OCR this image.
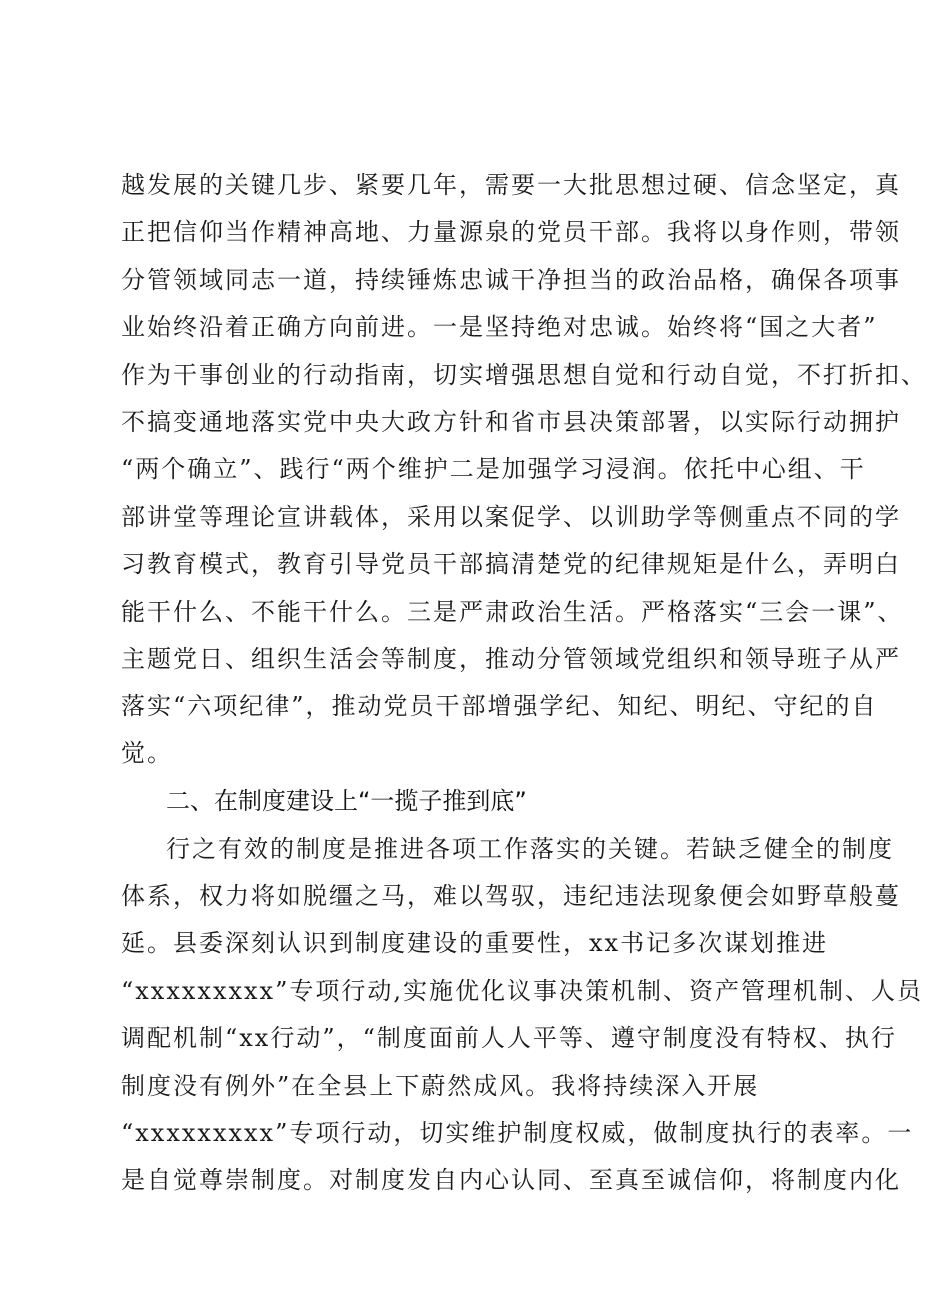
越发展的关键几步、紧要几年，需要一大批思想过硬、信念坚定，真
正把信仰当作精神高地、力量源泉的党员干部。我将以身作则，带领
分管领域同志一道，持续锤炼忠诚干净担当的政治品格，确保各项事
业始终沿着正确方向前进。一是坚持绝对忠诚。始终将“国之大者”
作为干事创业的行动指南，切实增强思想自觉和行动自觉，不打折扣、
不搞变通地落实党中央大政方针和省市县决策部署，以实际行动拥护
“两个确立”、践行“两个维护二是加强学习浸润。依托中心组、干
部讲堂等理论宣讲载体，采用以案促学、以训助学等侧重点不同的学
习教育模式，教育引导党员干部搞清楚党的纪律规矩是什么，弄明白
能干什么、不能干什么。三是严肃政治生活。严格落实“三会一课”、
主题党日、组织生活会等制度，推动分管领域党组织和领导班子从严
落实“六项纪律”，推动党员干部增强学纪、知纪、明纪、守纪的自
觉。
二、在制度建设上“一揽子推到底”
行之有效的制度是推进各项工作落实的关键。若缺乏健全的制度
体系，权力将如脱缰之马，难以驾驭，违纪违法现象便会如野草般蔓
延。县委深刻认识到制度建设的重要性，xx书记多次谋划推进
“xxxxxxxxx”专项行动,实施优化议事决策机制、资产管理机制、人员
调配机制“xx行动”，“制度面前人人平等、遵守制度没有特权、执行
制度没有例外”在全县上下蔚然成风。我将持续深入开展
“xxxxxxxxx”专项行动，切实维护制度权威，做制度执行的表率。一
是自觉尊崇制度。对制度发自内心认同、至真至诚信仰，将制度内化
